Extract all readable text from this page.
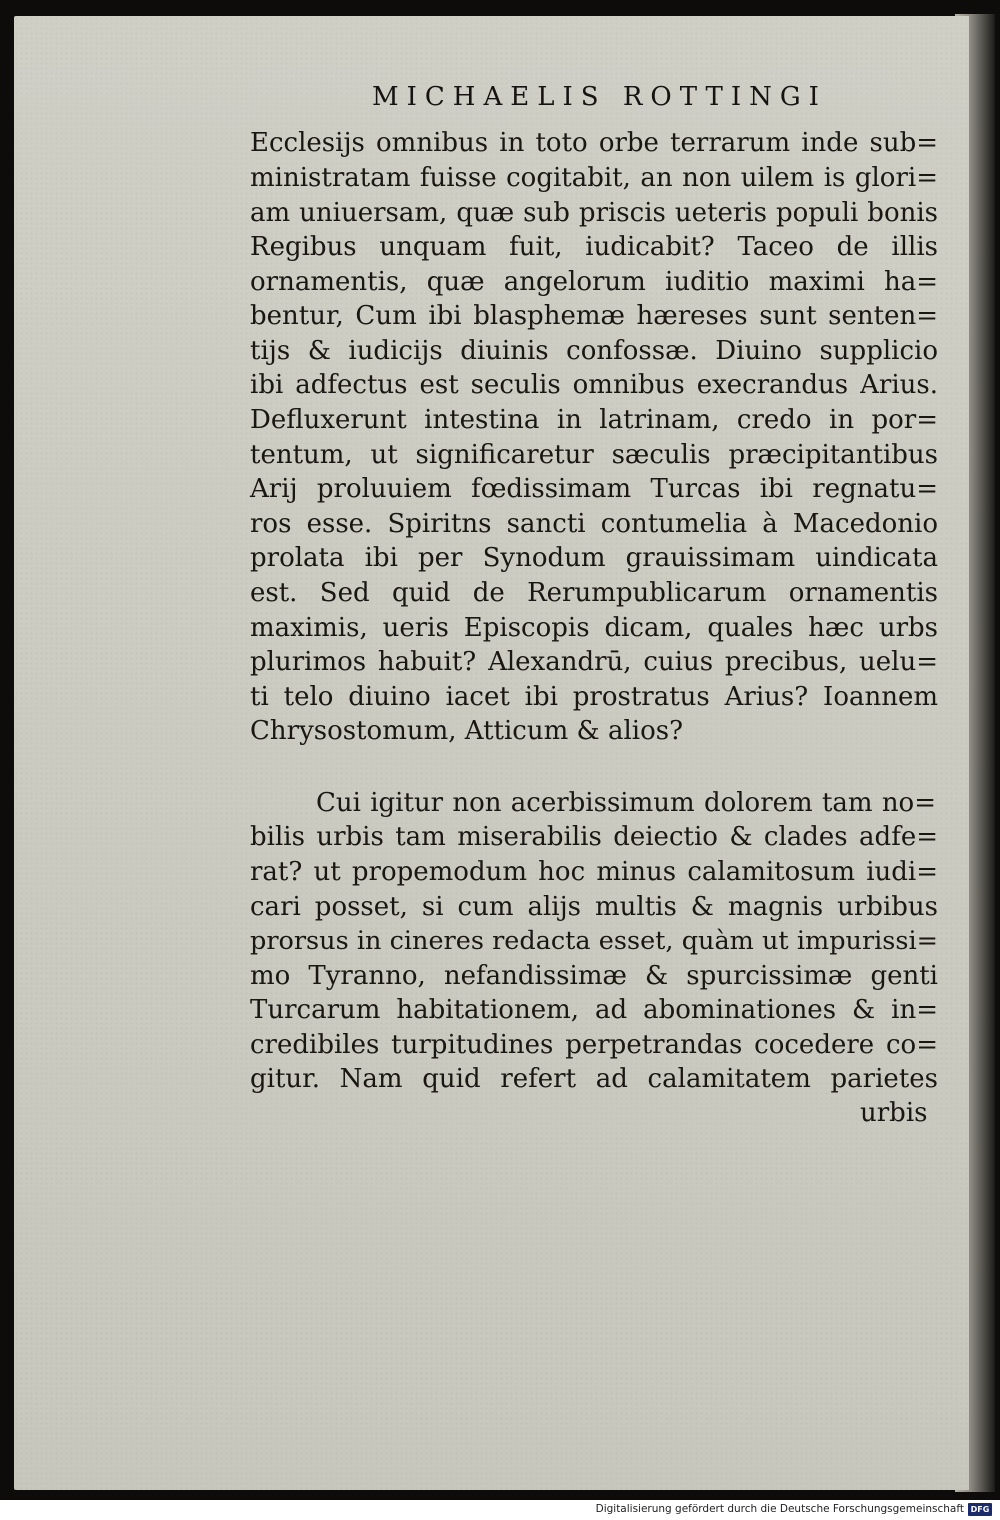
MICHAELIS ROTTINGI
Ecclesijs omnibus in toto orbe terrarum inde sub=
ministratam fuisse cogitabit, an non uilem is glori=
am uniuersam, quæ sub priscis ueteris populi bonis
Regibus unquam fuit, iudicabit? Taceo de illis
ornamentis, quæ angelorum iuditio maximi ha=
bentur, Cum ibi blasphemæ hæreses sunt senten=
tijs & iudicijs diuinis confossæ. Diuino supplicio
ibi adfectus est seculis omnibus execrandus Arius.
Defluxerunt intestina in latrinam, credo in por=
tentum, ut significaretur sæculis præcipitantibus
Arij proluuiem fœdissimam Turcas ibi regnatu=
ros esse. Spiritns sancti contumelia à Macedonio
prolata ibi per Synodum grauissimam uindicata
est. Sed quid de Rerumpublicarum ornamentis
maximis, ueris Episcopis dicam, quales hæc urbs
plurimos habuit? Alexandrū, cuius precibus, uelu=
ti telo diuino iacet ibi prostratus Arius? Ioannem
Chrysostomum, Atticum & alios?
Cui igitur non acerbissimum dolorem tam no=
bilis urbis tam miserabilis deiectio & clades adfe=
rat? ut propemodum hoc minus calamitosum iudi=
cari posset, si cum alijs multis & magnis urbibus
prorsus in cineres redacta esset, quàm ut impurissi=
mo Tyranno, nefandissimæ & spurcissimæ genti
Turcarum habitationem, ad abominationes & in=
credibiles turpitudines perpetrandas cocedere co=
gitur. Nam quid refert ad calamitatem parietes
urbis
Digitalisierung gefördert durch die Deutsche Forschungsgemeinschaft DFG
